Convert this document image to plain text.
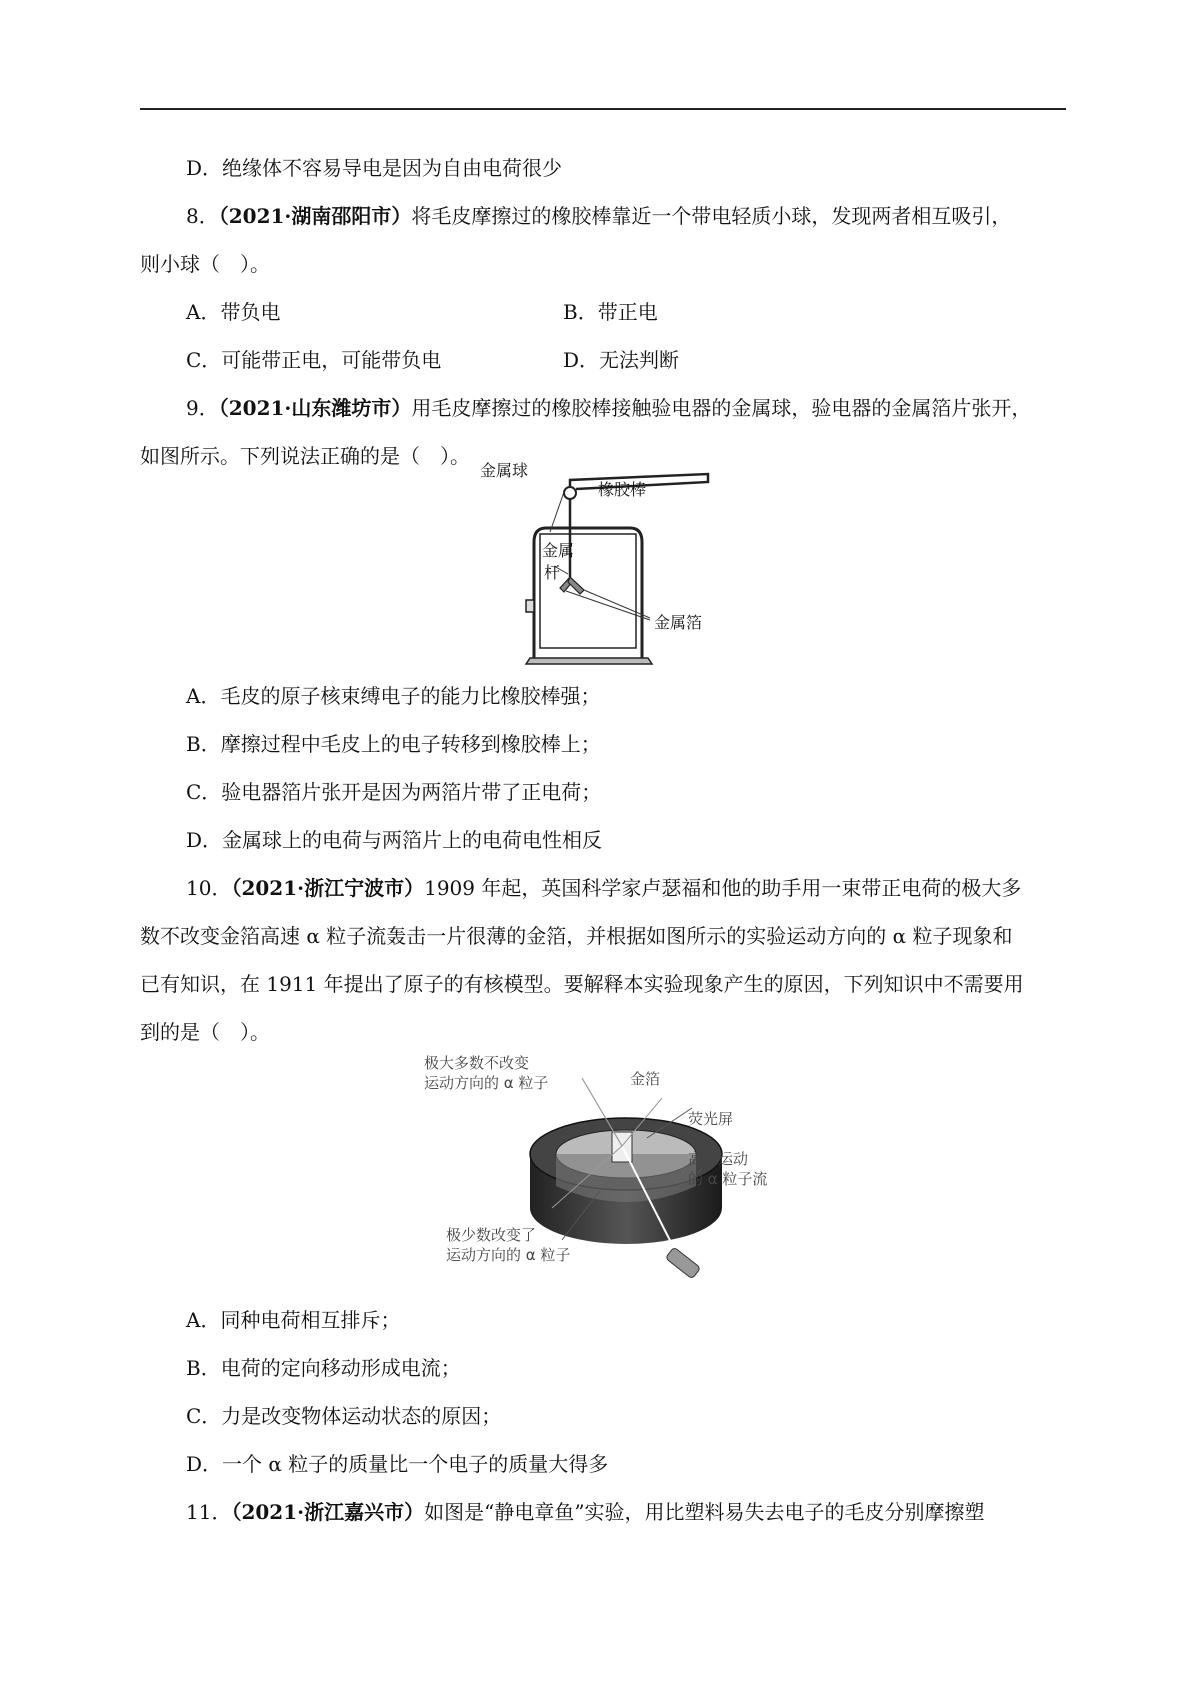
D．绝缘体不容易导电是因为自由电荷很少
8．（2021·湖南邵阳市）将毛皮摩擦过的橡胶棒靠近一个带电轻质小球，发现两者相互吸引，
则小球（　）。
A．带负电	B．带正电
C．可能带正电，可能带负电	D．无法判断
9．（2021·山东潍坊市）用毛皮摩擦过的橡胶棒接触验电器的金属球，验电器的金属箔片张开，
如图所示。下列说法正确的是（　）。
金属球
橡胶棒
金属
杆
金属箔
A．毛皮的原子核束缚电子的能力比橡胶棒强；
B．摩擦过程中毛皮上的电子转移到橡胶棒上；
C．验电器箔片张开是因为两箔片带了正电荷；
D．金属球上的电荷与两箔片上的电荷电性相反
10．（2021·浙江宁波市）1909 年起，英国科学家卢瑟福和他的助手用一束带正电荷的极大多
数不改变金箔高速 α 粒子流轰击一片很薄的金箔，并根据如图所示的实验运动方向的 α 粒子现象和
已有知识，在 1911 年提出了原子的有核模型。要解释本实验现象产生的原因，下列知识中不需要用
到的是（　）。
极大多数不改变
运动方向的 α 粒子	金箔
荧光屏
高速运动
的 α 粒子流
极少数改变了
运动方向的 α 粒子
A．同种电荷相互排斥；
B．电荷的定向移动形成电流；
C．力是改变物体运动状态的原因；
D．一个 α 粒子的质量比一个电子的质量大得多
11．（2021·浙江嘉兴市）如图是“静电章鱼”实验，用比塑料易失去电子的毛皮分别摩擦塑
